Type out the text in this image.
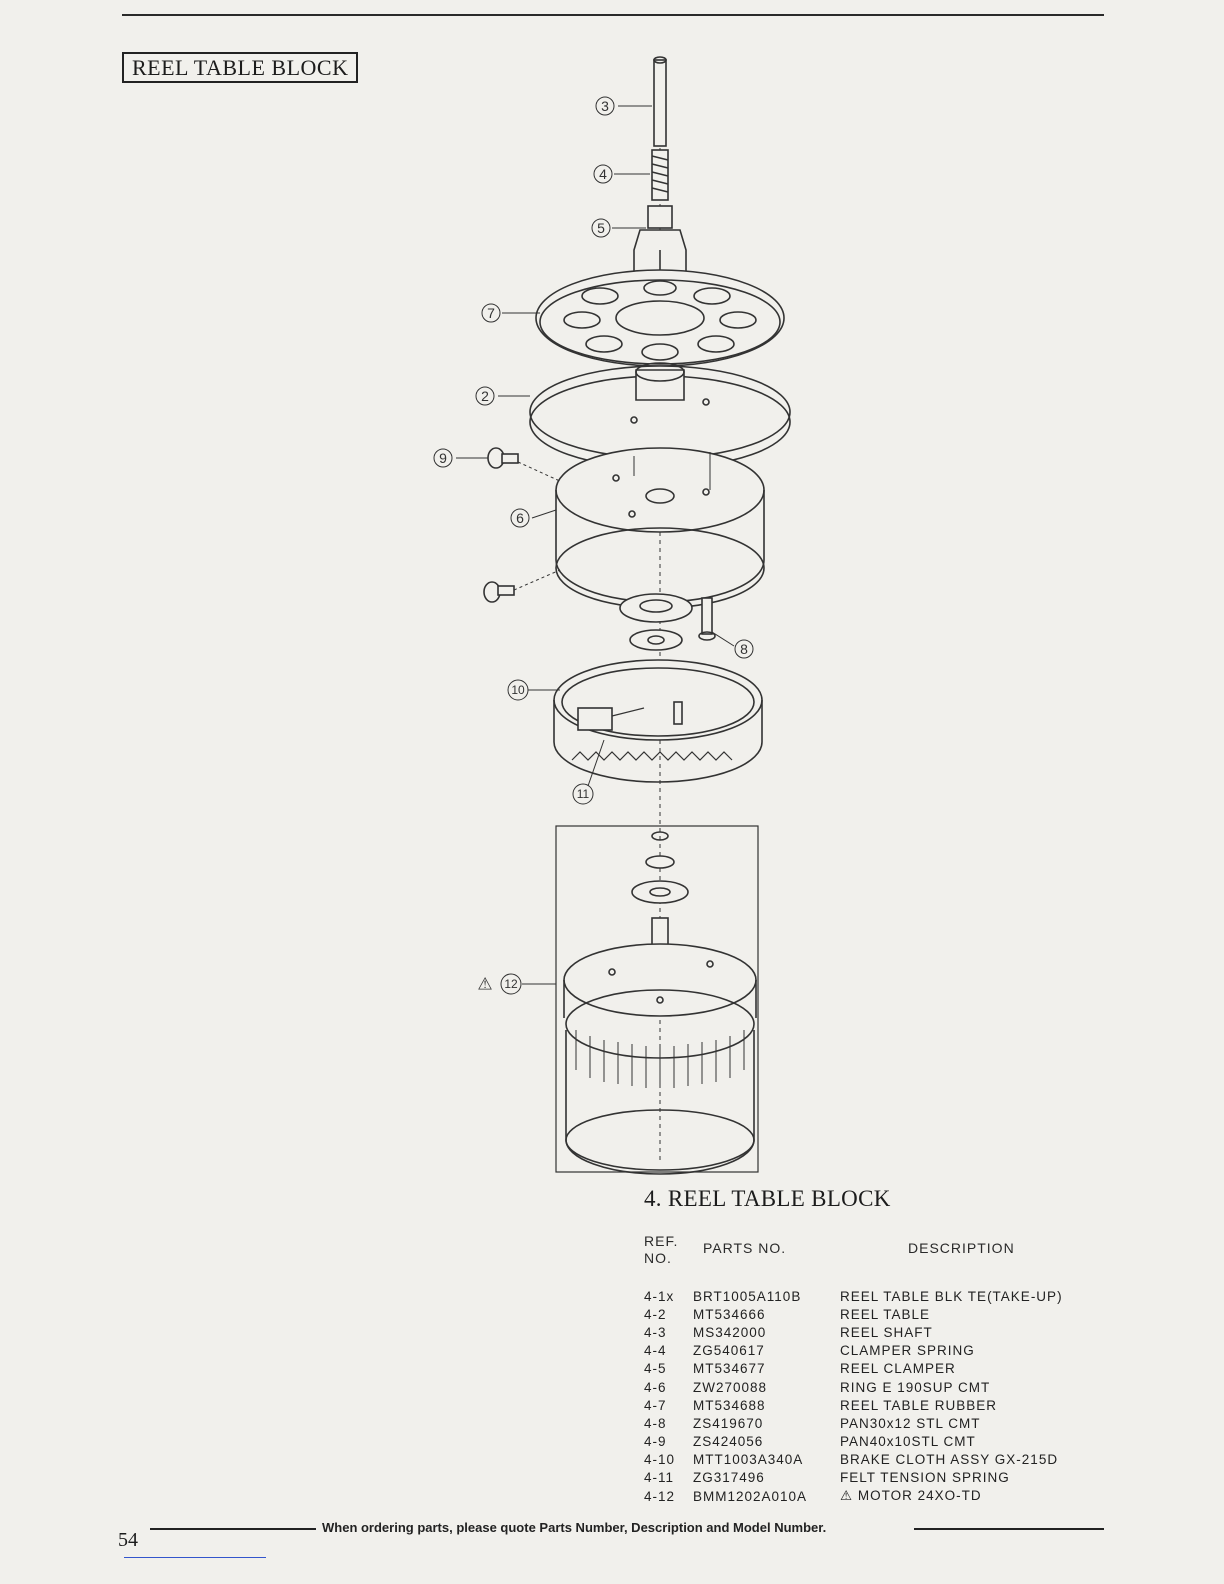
REEL TABLE BLOCK
3
4
5
7
2
9
6
8
10
11
12
⚠
4. REEL TABLE BLOCK
REF.
NO.
PARTS NO.	DESCRIPTION
4-1x	BRT1005A110B	REEL TABLE BLK TE(TAKE-UP)
4-2	MT534666	REEL TABLE
4-3	MS342000	REEL SHAFT
4-4	ZG540617	CLAMPER SPRING
4-5	MT534677	REEL CLAMPER
4-6	ZW270088	RING E 190SUP CMT
4-7	MT534688	REEL TABLE RUBBER
4-8	ZS419670	PAN30x12 STL CMT
4-9	ZS424056	PAN40x10STL CMT
4-10	MTT1003A340A	BRAKE CLOTH ASSY GX-215D
4-11	ZG317496	FELT TENSION SPRING
4-12	BMM1202A010A	⚠ MOTOR 24XO-TD
When ordering parts, please quote Parts Number, Description and Model Number.
54
